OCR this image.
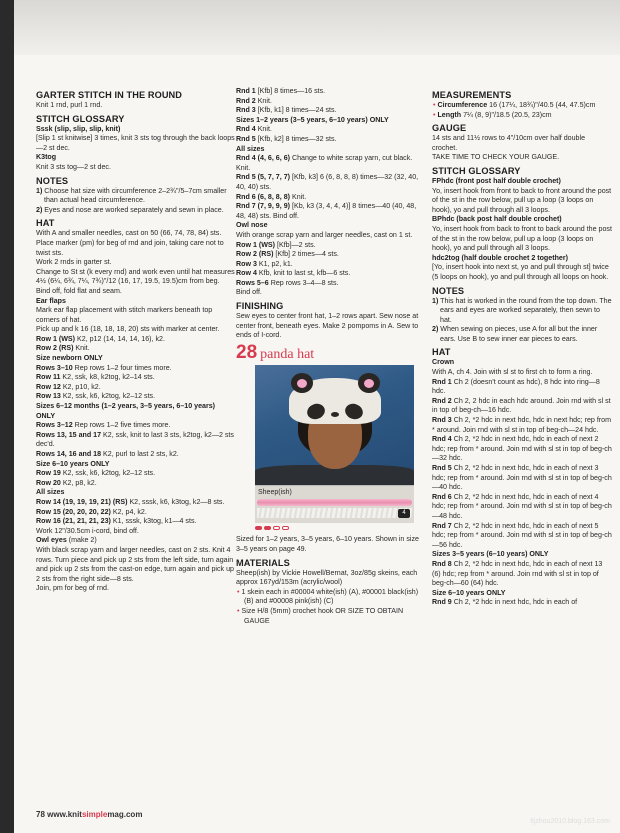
GARTER STITCH IN THE ROUND
Knit 1 rnd, purl 1 rnd.
STITCH GLOSSARY
Sssk (slip, slip, slip, knit)
[Slip 1 st knitwise] 3 times, knit 3 sts tog through the back loops—2 st dec.
K3tog
Knit 3 sts tog—2 st dec.
NOTES
1) Choose hat size with circumference 2–2¾"/5–7cm smaller than actual head circumference.
2) Eyes and nose are worked separately and sewn in place.
HAT
With A and smaller needles, cast on 50 (66, 74, 78, 84) sts. Place marker (pm) for beg of rnd and join, taking care not to twist sts.
Work 2 rnds in garter st.
Change to St st (k every rnd) and work even until hat measures 4½ (6¼, 6¾, 7¼, 7¾)"/12 (16, 17, 19.5, 19.5)cm from beg.
Bind off, fold flat and seam.
Ear flaps
Mark ear flap placement with stitch markers beneath top corners of hat.
Pick up and k 16 (18, 18, 18, 20) sts with marker at center.
Row 1 (WS) K2, p12 (14, 14, 14, 16), k2.
Row 2 (RS) Knit.
Size newborn ONLY
Rows 3–10 Rep rows 1–2 four times more.
Row 11 K2, ssk, k8, k2tog, k2–14 sts.
Row 12 K2, p10, k2.
Row 13 K2, ssk, k6, k2tog, k2–12 sts.
Sizes 6–12 months (1–2 years, 3–5 years, 6–10 years) ONLY
Rows 3–12 Rep rows 1–2 five times more.
Rows 13, 15 and 17 K2, ssk, knit to last 3 sts, k2tog, k2—2 sts dec'd.
Rows 14, 16 and 18 K2, purl to last 2 sts, k2.
Size 6–10 years ONLY
Row 19 K2, ssk, k6, k2tog, k2–12 sts.
Row 20 K2, p8, k2.
All sizes
Row 14 (19, 19, 19, 21) (RS) K2, sssk, k6, k3tog, k2—8 sts.
Row 15 (20, 20, 20, 22) K2, p4, k2.
Row 16 (21, 21, 21, 23) K1, sssk, k3tog, k1—4 sts.
Work 12"/30.5cm i-cord, bind off.
Owl eyes (make 2)
With black scrap yarn and larger needles, cast on 2 sts. Knit 4 rows. Turn piece and pick up 2 sts from the left side, turn again and pick up 2 sts from the cast-on edge, turn again and pick up 2 sts from the right side—8 sts.
Join, pm for beg of rnd.
Rnd 1 [Kfb] 8 times—16 sts.
Rnd 2 Knit.
Rnd 3 [Kfb, k1] 8 times—24 sts.
Sizes 1–2 years (3–5 years, 6–10 years) ONLY
Rnd 4 Knit.
Rnd 5 [Kfb, k2] 8 times—32 sts.
All sizes
Rnd 4 (4, 6, 6, 6) Change to white scrap yarn, cut black. Knit.
Rnd 5 (5, 7, 7, 7) [Kfb, k3] 6 (6, 8, 8, 8) times—32 (32, 40, 40, 40) sts.
Rnd 6 (6, 8, 8, 8) Knit.
Rnd 7 (7, 9, 9, 9) [Kb, k3 (3, 4, 4, 4)] 8 times—40 (40, 48, 48, 48) sts. Bind off.
Owl nose
With orange scrap yarn and larger needles, cast on 1 st.
Row 1 (WS) [Kfb]—2 sts.
Row 2 (RS) [Kfb] 2 times—4 sts.
Row 3 K1, p2, k1.
Row 4 Kfb, knit to last st, kfb—6 sts.
Rows 5–6 Rep rows 3–4—8 sts.
Bind off.
FINISHING
Sew eyes to center front hat, 1–2 rows apart. Sew nose at center front, beneath eyes. Make 2 pompoms in A. Sew to ends of I-cord.
28 panda hat
Sheep(ish)
4
Sized for 1–2 years, 3–5 years, 6–10 years. Shown in size 3–5 years on page 49.
MATERIALS
Sheep(ish) by Vickie Howell/Bernat, 3oz/85g skeins, each approx 167yd/153m (acrylic/wool)
• 1 skein each in #00004 white(ish) (A), #00001 black(ish) (B) and #00008 pink(ish) (C)
• Size H/8 (5mm) crochet hook OR SIZE TO OBTAIN GAUGE
MEASUREMENTS
• Circumference 16 (17¼, 18¾)"/40.5 (44, 47.5)cm
• Length 7¼ (8, 9)"/18.5 (20.5, 23)cm
GAUGE
14 sts and 11½ rows to 4"/10cm over half double crochet.
TAKE TIME TO CHECK YOUR GAUGE.
STITCH GLOSSARY
FPhdc (front post half double crochet)
Yo, insert hook from front to back to front around the post of the st in the row below, pull up a loop (3 loops on hook), yo and pull through all 3 loops.
BPhdc (back post half double crochet)
Yo, insert hook from back to front to back around the post of the st in the row below, pull up a loop (3 loops on hook), yo and pull through all 3 loops.
hdc2tog (half double crochet 2 together)
[Yo, insert hook into next st, yo and pull through st] twice (5 loops on hook), yo and pull through all loops on hook.
NOTES
1) This hat is worked in the round from the top down. The ears and eyes are worked separately, then sewn to hat.
2) When sewing on pieces, use A for all but the inner ears. Use B to sew inner ear pieces to ears.
HAT
Crown
With A, ch 4. Join with sl st to first ch to form a ring.
Rnd 1 Ch 2 (doesn't count as hdc), 8 hdc into ring—8 hdc.
Rnd 2 Ch 2, 2 hdc in each hdc around. Join rnd with sl st in top of beg-ch—16 hdc.
Rnd 3 Ch 2, *2 hdc in next hdc, hdc in next hdc; rep from * around. Join rnd with sl st in top of beg-ch—24 hdc.
Rnd 4 Ch 2, *2 hdc in next hdc, hdc in each of next 2 hdc; rep from * around. Join rnd with sl st in top of beg-ch—32 hdc.
Rnd 5 Ch 2, *2 hdc in next hdc, hdc in each of next 3 hdc; rep from * around. Join rnd with sl st in top of beg-ch—40 hdc.
Rnd 6 Ch 2, *2 hdc in next hdc, hdc in each of next 4 hdc; rep from * around. Join rnd with sl st in top of beg-ch—48 hdc.
Rnd 7 Ch 2, *2 hdc in next hdc, hdc in each of next 5 hdc; rep from * around. Join rnd with sl st in top of beg-ch—56 hdc.
Sizes 3–5 years (6–10 years) ONLY
Rnd 8 Ch 2, *2 hdc in next hdc, hdc in each of next 13 (6) hdc; rep from * around. Join rnd with sl st in top of beg-ch—60 (64) hdc.
Size 6–10 years ONLY
Rnd 9 Ch 2, *2 hdc in next hdc, hdc in each of
78 www.knitsimplemag.com
tljzhou2010.blog.163.com
